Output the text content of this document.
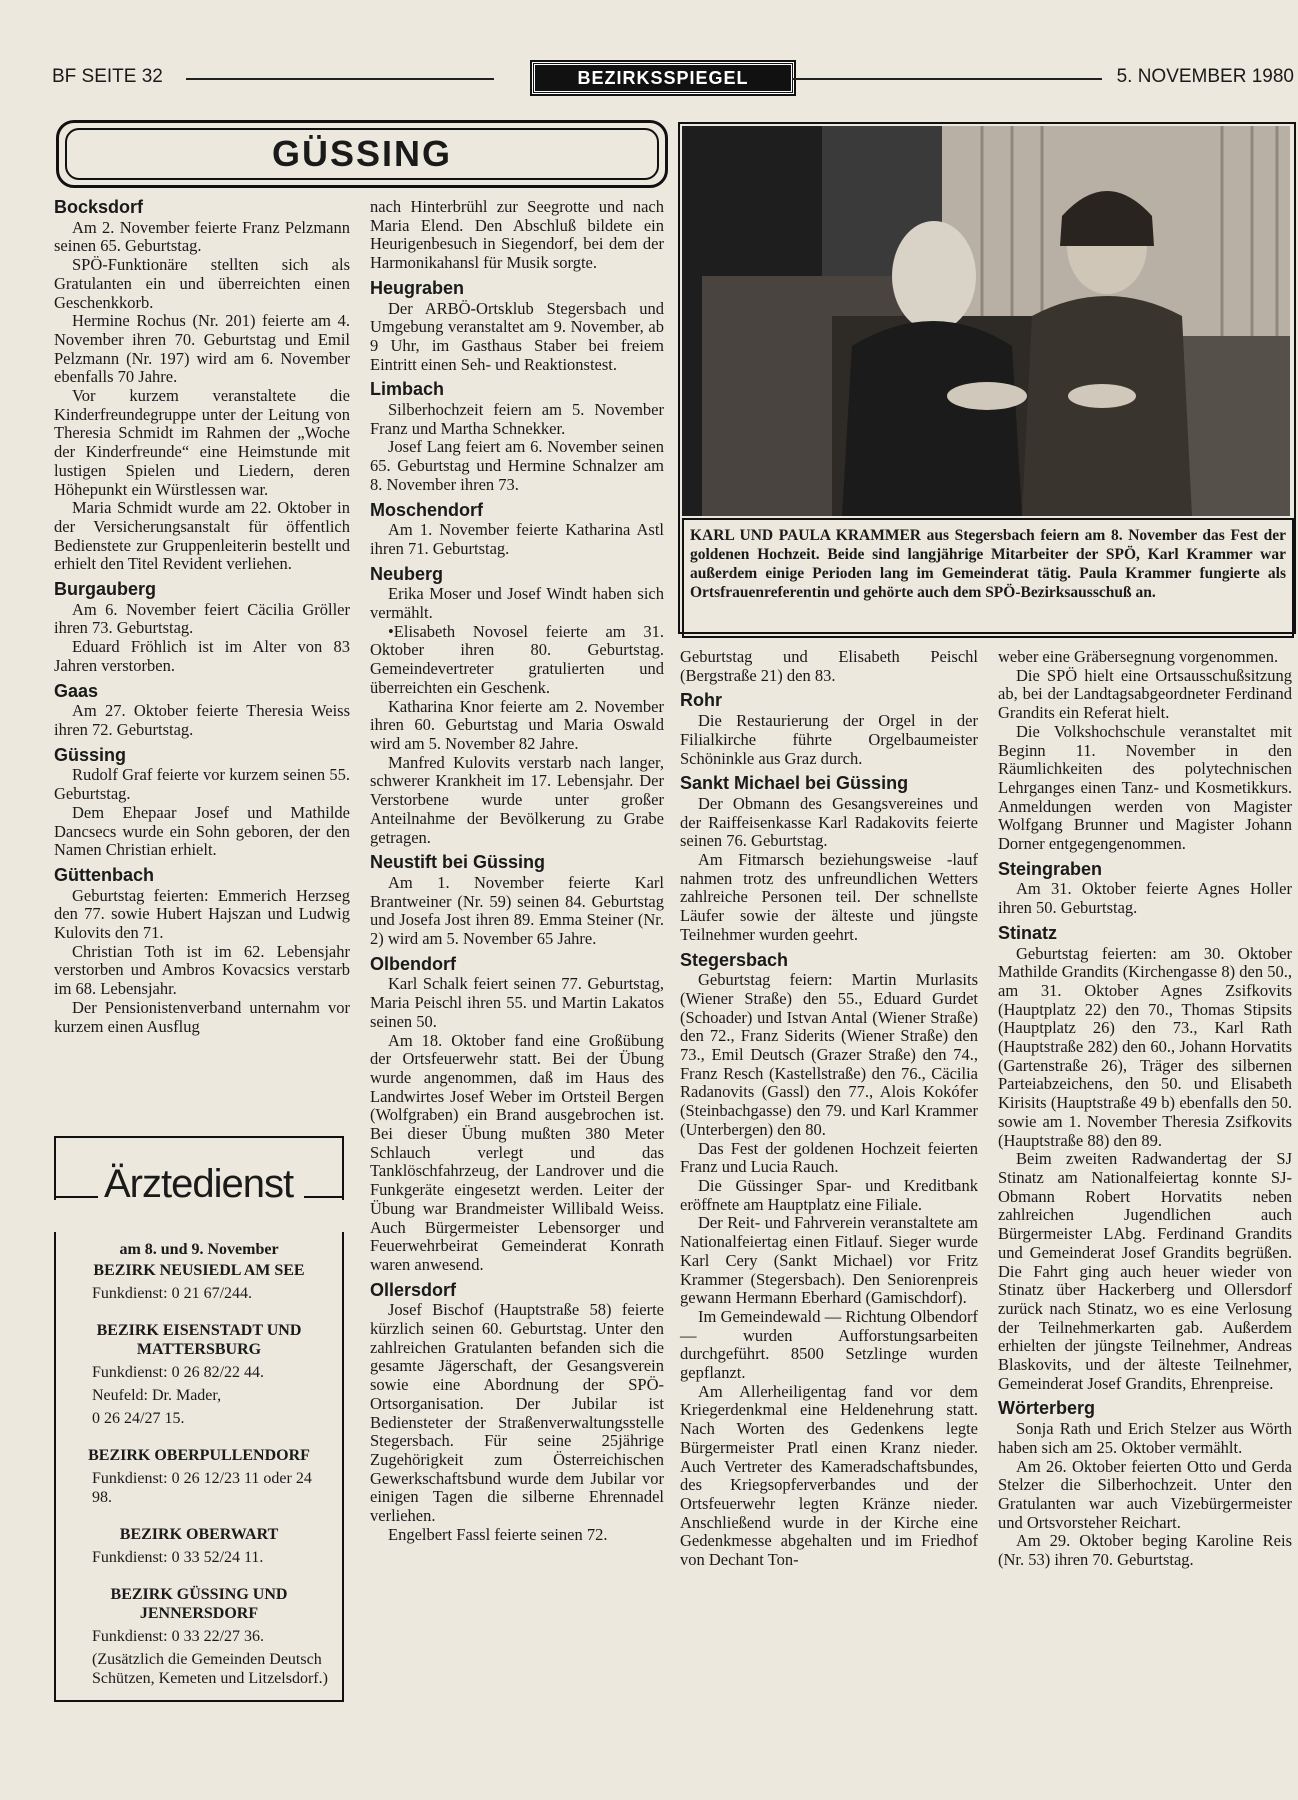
BF SEITE 32	BEZIRKSSPIEGEL	5. NOVEMBER 1980
GÜSSING
Bocksdorf

Am 2. November feierte Franz Pelzmann seinen 65. Geburtstag.

SPÖ-Funktionäre stellten sich als Gratulanten ein und überreichten einen Geschenkkorb.

Hermine Rochus (Nr. 201) feierte am 4. November ihren 70. Geburtstag und Emil Pelzmann (Nr. 197) wird am 6. November ebenfalls 70 Jahre.

Vor kurzem veranstaltete die Kinderfreundegruppe unter der Leitung von Theresia Schmidt im Rahmen der „Woche der Kinderfreunde“ eine Heimstunde mit lustigen Spielen und Liedern, deren Höhepunkt ein Würstlessen war.

Maria Schmidt wurde am 22. Oktober in der Versicherungsanstalt für öffentlich Bedienstete zur Gruppenleiterin bestellt und erhielt den Titel Revident verliehen.

Burgauberg

Am 6. November feiert Cäcilia Gröller ihren 73. Geburtstag.

Eduard Fröhlich ist im Alter von 83 Jahren verstorben.

Gaas

Am 27. Oktober feierte Theresia Weiss ihren 72. Geburtstag.

Güssing

Rudolf Graf feierte vor kurzem seinen 55. Geburtstag.

Dem Ehepaar Josef und Mathilde Dancsecs wurde ein Sohn geboren, der den Namen Christian erhielt.

Güttenbach

Geburtstag feierten: Emmerich Herzseg den 77. sowie Hubert Hajszan und Ludwig Kulovits den 71.

Christian Toth ist im 62. Lebensjahr verstorben und Ambros Kovacsics verstarb im 68. Lebensjahr.

Der Pensionistenverband unternahm vor kurzem einen Ausflug

nach Hinterbrühl zur Seegrotte und nach Maria Elend. Den Abschluß bildete ein Heurigenbesuch in Siegendorf, bei dem der Harmonikahansl für Musik sorgte.

Heugraben

Der ARBÖ-Ortsklub Stegersbach und Umgebung veranstaltet am 9. November, ab 9 Uhr, im Gasthaus Staber bei freiem Eintritt einen Seh- und Reaktionstest.

Limbach

Silberhochzeit feiern am 5. November Franz und Martha Schnekker.

Josef Lang feiert am 6. November seinen 65. Geburtstag und Hermine Schnalzer am 8. November ihren 73.

Moschendorf

Am 1. November feierte Katharina Astl ihren 71. Geburtstag.

Neuberg

Erika Moser und Josef Windt haben sich vermählt.

•Elisabeth Novosel feierte am 31. Oktober ihren 80. Geburtstag. Gemeindevertreter gratulierten und überreichten ein Geschenk.

Katharina Knor feierte am 2. November ihren 60. Geburtstag und Maria Oswald wird am 5. November 82 Jahre.

Manfred Kulovits verstarb nach langer, schwerer Krankheit im 17. Lebensjahr. Der Verstorbene wurde unter großer Anteilnahme der Bevölkerung zu Grabe getragen.

Neustift bei Güssing

Am 1. November feierte Karl Brantweiner (Nr. 59) seinen 84. Geburtstag und Josefa Jost ihren 89. Emma Steiner (Nr. 2) wird am 5. November 65 Jahre.

Olbendorf

Karl Schalk feiert seinen 77. Geburtstag, Maria Peischl ihren 55. und Martin Lakatos seinen 50.

Am 18. Oktober fand eine Großübung der Ortsfeuerwehr statt. Bei der Übung wurde angenommen, daß im Haus des Landwirtes Josef Weber im Ortsteil Bergen (Wolfgraben) ein Brand ausgebrochen ist. Bei dieser Übung mußten 380 Meter Schlauch verlegt und das Tanklöschfahrzeug, der Landrover und die Funkgeräte eingesetzt werden. Leiter der Übung war Brandmeister Willibald Weiss. Auch Bürgermeister Lebensorger und Feuerwehrbeirat Gemeinderat Konrath waren anwesend.

Ollersdorf

Josef Bischof (Hauptstraße 58) feierte kürzlich seinen 60. Geburtstag. Unter den zahlreichen Gratulanten befanden sich die gesamte Jägerschaft, der Gesangsverein sowie eine Abordnung der SPÖ-Ortsorganisation. Der Jubilar ist Bediensteter der Straßenverwaltungsstelle Stegersbach. Für seine 25jährige Zugehörigkeit zum Österreichischen Gewerkschaftsbund wurde dem Jubilar vor einigen Tagen die silberne Ehrennadel verliehen.

Engelbert Fassl feierte seinen 72.

KARL UND PAULA KRAMMER aus Stegersbach feiern am 8. November das Fest der goldenen Hochzeit. Beide sind langjährige Mitarbeiter der SPÖ, Karl Krammer war außerdem einige Perioden lang im Gemeinderat tätig. Paula Krammer fungierte als Ortsfrauenreferentin und gehörte auch dem SPÖ-Bezirksausschuß an.

Geburtstag und Elisabeth Peischl (Bergstraße 21) den 83.

Rohr

Die Restaurierung der Orgel in der Filialkirche führte Orgelbaumeister Schöninkle aus Graz durch.

Sankt Michael bei Güssing

Der Obmann des Gesangsvereines und der Raiffeisenkasse Karl Radakovits feierte seinen 76. Geburtstag.

Am Fitmarsch beziehungsweise -lauf nahmen trotz des unfreundlichen Wetters zahlreiche Personen teil. Der schnellste Läufer sowie der älteste und jüngste Teilnehmer wurden geehrt.

Stegersbach

Geburtstag feiern: Martin Murlasits (Wiener Straße) den 55., Eduard Gurdet (Schoader) und Istvan Antal (Wiener Straße) den 72., Franz Siderits (Wiener Straße) den 73., Emil Deutsch (Grazer Straße) den 74., Franz Resch (Kastellstraße) den 76., Cäcilia Radanovits (Gassl) den 77., Alois Kokófer (Steinbachgasse) den 79. und Karl Krammer (Unterbergen) den 80.

Das Fest der goldenen Hochzeit feierten Franz und Lucia Rauch.

Die Güssinger Spar- und Kreditbank eröffnete am Hauptplatz eine Filiale.

Der Reit- und Fahrverein veranstaltete am Nationalfeiertag einen Fitlauf. Sieger wurde Karl Cery (Sankt Michael) vor Fritz Krammer (Stegersbach). Den Seniorenpreis gewann Hermann Eberhard (Gamischdorf).

Im Gemeindewald — Richtung Olbendorf — wurden Aufforstungsarbeiten durchgeführt. 8500 Setzlinge wurden gepflanzt.

Am Allerheiligentag fand vor dem Kriegerdenkmal eine Heldenehrung statt. Nach Worten des Gedenkens legte Bürgermeister Pratl einen Kranz nieder. Auch Vertreter des Kameradschaftsbundes, des Kriegsopferverbandes und der Ortsfeuerwehr legten Kränze nieder. Anschließend wurde in der Kirche eine Gedenkmesse abgehalten und im Friedhof von Dechant Ton-

weber eine Gräbersegnung vorgenommen.

Die SPÖ hielt eine Ortsausschußsitzung ab, bei der Landtagsabgeordneter Ferdinand Grandits ein Referat hielt.

Die Volkshochschule veranstaltet mit Beginn 11. November in den Räumlichkeiten des polytechnischen Lehrganges einen Tanz- und Kosmetikkurs. Anmeldungen werden von Magister Wolfgang Brunner und Magister Johann Dorner entgegengenommen.

Steingraben

Am 31. Oktober feierte Agnes Holler ihren 50. Geburtstag.

Stinatz

Geburtstag feierten: am 30. Oktober Mathilde Grandits (Kirchengasse 8) den 50., am 31. Oktober Agnes Zsifkovits (Hauptplatz 22) den 70., Thomas Stipsits (Hauptplatz 26) den 73., Karl Rath (Hauptstraße 282) den 60., Johann Horvatits (Gartenstraße 26), Träger des silbernen Parteiabzeichens, den 50. und Elisabeth Kirisits (Hauptstraße 49 b) ebenfalls den 50. sowie am 1. November Theresia Zsifkovits (Hauptstraße 88) den 89.

Beim zweiten Radwandertag der SJ Stinatz am Nationalfeiertag konnte SJ-Obmann Robert Horvatits neben zahlreichen Jugendlichen auch Bürgermeister LAbg. Ferdinand Grandits und Gemeinderat Josef Grandits begrüßen. Die Fahrt ging auch heuer wieder von Stinatz über Hackerberg und Ollersdorf zurück nach Stinatz, wo es eine Verlosung der Teilnehmerkarten gab. Außerdem erhielten der jüngste Teilnehmer, Andreas Blaskovits, und der älteste Teilnehmer, Gemeinderat Josef Grandits, Ehrenpreise.

Wörterberg

Sonja Rath und Erich Stelzer aus Wörth haben sich am 25. Oktober vermählt.

Am 26. Oktober feierten Otto und Gerda Stelzer die Silberhochzeit. Unter den Gratulanten war auch Vizebürgermeister und Ortsvorsteher Reichart.

Am 29. Oktober beging Karoline Reis (Nr. 53) ihren 70. Geburtstag.

Ärztedienst
am 8. und 9. November
BEZIRK NEUSIEDL AM SEE
Funkdienst: 0 21 67/244.
BEZIRK EISENSTADT UND MATTERSBURG
Funkdienst: 0 26 82/22 44.
Neufeld: Dr. Mader,
0 26 24/27 15.
BEZIRK OBERPULLENDORF
Funkdienst: 0 26 12/23 11 oder 24 98.
BEZIRK OBERWART
Funkdienst: 0 33 52/24 11.
BEZIRK GÜSSING UND JENNERSDORF
Funkdienst: 0 33 22/27 36.
(Zusätzlich die Gemeinden Deutsch Schützen, Kemeten und Litzelsdorf.)
